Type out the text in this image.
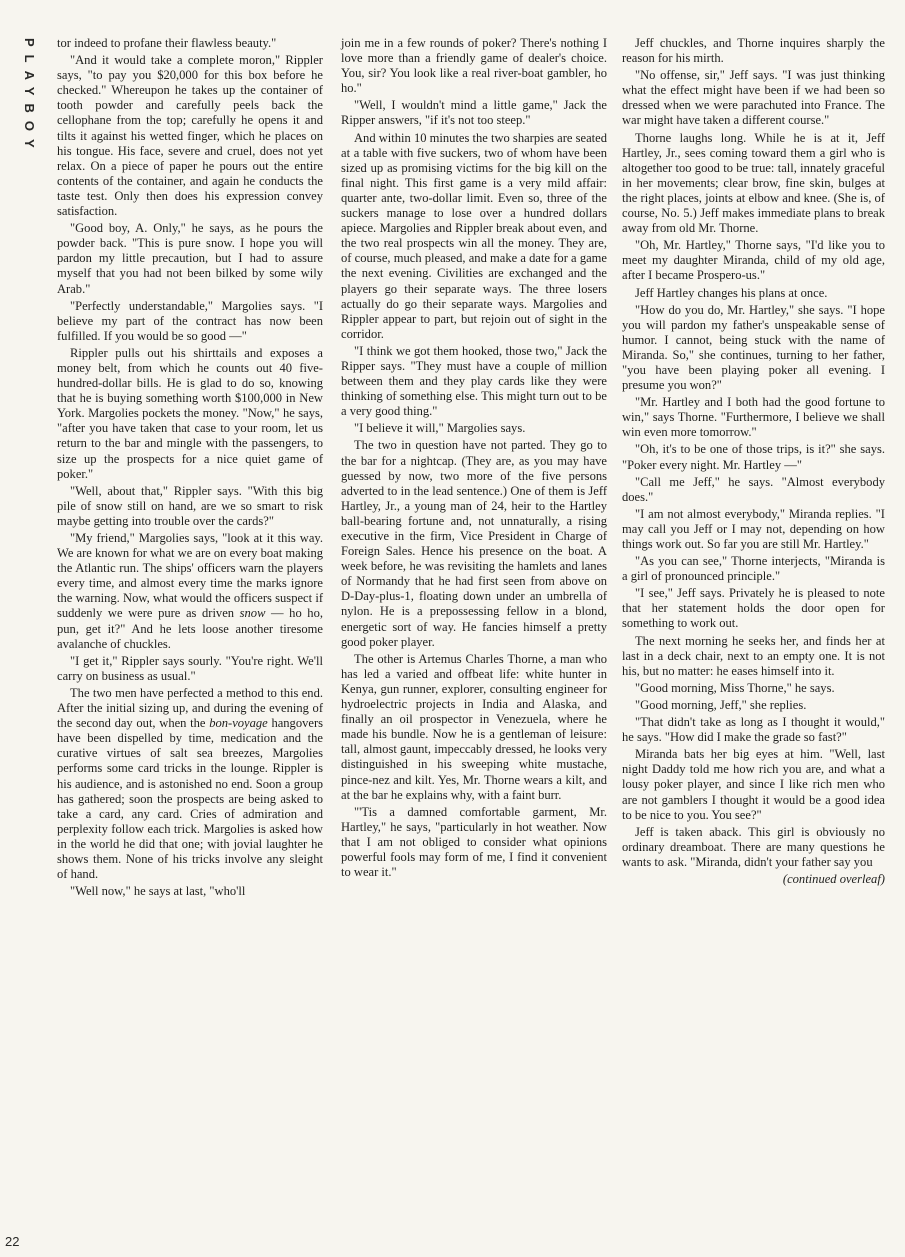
PLAYBOY tor indeed to profane their flawless beauty."

"And it would take a complete moron," Rippler says, "to pay you $20,000 for this box before he checked." Whereupon he takes up the container of tooth powder and carefully peels back the cellophane from the top; carefully he opens it and tilts it against his wetted finger, which he places on his tongue. His face, severe and cruel, does not yet relax. On a piece of paper he pours out the entire contents of the container, and again he conducts the taste test. Only then does his expression convey satisfaction.

"Good boy, A. Only," he says, as he pours the powder back. "This is pure snow. I hope you will pardon my little precaution, but I had to assure myself that you had not been bilked by some wily Arab."

"Perfectly understandable," Margolies says. "I believe my part of the contract has now been fulfilled. If you would be so good —"

Rippler pulls out his shirttails and exposes a money belt, from which he counts out 40 five-hundred-dollar bills. He is glad to do so, knowing that he is buying something worth $100,000 in New York. Margolies pockets the money. "Now," he says, "after you have taken that case to your room, let us return to the bar and mingle with the passengers, to size up the prospects for a nice quiet game of poker."

"Well, about that," Rippler says. "With this big pile of snow still on hand, are we so smart to risk maybe getting into trouble over the cards?"

"My friend," Margolies says, "look at it this way. We are known for what we are on every boat making the Atlantic run. The ships' officers warn the players every time, and almost every time the marks ignore the warning. Now, what would the officers suspect if suddenly we were pure as driven snow — ho ho, pun, get it?" And he lets loose another tiresome avalanche of chuckles.

"I get it," Rippler says sourly. "You're right. We'll carry on business as usual."

The two men have perfected a method to this end. After the initial sizing up, and during the evening of the second day out, when the bon-voyage hangovers have been dispelled by time, medication and the curative virtues of salt sea breezes, Margolies performs some card tricks in the lounge. Rippler is his audience, and is astonished no end. Soon a group has gathered; soon the prospects are being asked to take a card, any card. Cries of admiration and perplexity follow each trick. Margolies is asked how in the world he did that one; with jovial laughter he shows them. None of his tricks involve any sleight of hand.

"Well now," he says at last, "who'll

join me in a few rounds of poker? There's nothing I love more than a friendly game of dealer's choice. You, sir? You look like a real river-boat gambler, ho ho."

"Well, I wouldn't mind a little game," Jack the Ripper answers, "if it's not too steep."

And within 10 minutes the two sharpies are seated at a table with five suckers, two of whom have been sized up as promising victims for the big kill on the final night. This first game is a very mild affair: quarter ante, two-dollar limit. Even so, three of the suckers manage to lose over a hundred dollars apiece. Margolies and Rippler break about even, and the two real prospects win all the money. They are, of course, much pleased, and make a date for a game the next evening. Civilities are exchanged and the players go their separate ways. The three losers actually do go their separate ways. Margolies and Rippler appear to part, but rejoin out of sight in the corridor.

"I think we got them hooked, those two," Jack the Ripper says. "They must have a couple of million between them and they play cards like they were thinking of something else. This might turn out to be a very good thing."

"I believe it will," Margolies says.

The two in question have not parted. They go to the bar for a nightcap. (They are, as you may have guessed by now, two more of the five persons adverted to in the lead sentence.) One of them is Jeff Hartley, Jr., a young man of 24, heir to the Hartley ball-bearing fortune and, not unnaturally, a rising executive in the firm, Vice President in Charge of Foreign Sales. Hence his presence on the boat. A week before, he was revisiting the hamlets and lanes of Normandy that he had first seen from above on D-Day-plus-1, floating down under an umbrella of nylon. He is a prepossessing fellow in a blond, energetic sort of way. He fancies himself a pretty good poker player.

The other is Artemus Charles Thorne, a man who has led a varied and offbeat life: white hunter in Kenya, gun runner, explorer, consulting engineer for hydroelectric projects in India and Alaska, and finally an oil prospector in Venezuela, where he made his bundle. Now he is a gentleman of leisure: tall, almost gaunt, impeccably dressed, he looks very distinguished in his sweeping white mustache, pince-nez and kilt. Yes, Mr. Thorne wears a kilt, and at the bar he explains why, with a faint burr.

"'Tis a damned comfortable garment, Mr. Hartley," he says, "particularly in hot weather. Now that I am not obliged to consider what opinions powerful fools may form of me, I find it convenient to wear it."

Jeff chuckles, and Thorne inquires sharply the reason for his mirth.

"No offense, sir," Jeff says. "I was just thinking what the effect might have been if we had been so dressed when we were parachuted into France. The war might have taken a different course."

Thorne laughs long. While he is at it, Jeff Hartley, Jr., sees coming toward them a girl who is altogether too good to be true: tall, innately graceful in her movements; clear brow, fine skin, bulges at the right places, joints at elbow and knee. (She is, of course, No. 5.) Jeff makes immediate plans to break away from old Mr. Thorne.

"Oh, Mr. Hartley," Thorne says, "I'd like you to meet my daughter Miranda, child of my old age, after I became Prospero-us."

Jeff Hartley changes his plans at once.

"How do you do, Mr. Hartley," she says. "I hope you will pardon my father's unspeakable sense of humor. I cannot, being stuck with the name of Miranda. So," she continues, turning to her father, "you have been playing poker all evening. I presume you won?"

"Mr. Hartley and I both had the good fortune to win," says Thorne. "Furthermore, I believe we shall win even more tomorrow."

"Oh, it's to be one of those trips, is it?" she says. "Poker every night. Mr. Hartley —"

"Call me Jeff," he says. "Almost everybody does."

"I am not almost everybody," Miranda replies. "I may call you Jeff or I may not, depending on how things work out. So far you are still Mr. Hartley."

"As you can see," Thorne interjects, "Miranda is a girl of pronounced principle."

"I see," Jeff says. Privately he is pleased to note that her statement holds the door open for something to work out.

The next morning he seeks her, and finds her at last in a deck chair, next to an empty one. It is not his, but no matter: he eases himself into it.

"Good morning, Miss Thorne," he says.

"Good morning, Jeff," she replies.

"That didn't take as long as I thought it would," he says. "How did I make the grade so fast?"

Miranda bats her big eyes at him. "Well, last night Daddy told me how rich you are, and what a lousy poker player, and since I like rich men who are not gamblers I thought it would be a good idea to be nice to you. You see?"

Jeff is taken aback. This girl is obviously no ordinary dreamboat. There are many questions he wants to ask. "Miranda, didn't your father say you

(continued overleaf)
22
